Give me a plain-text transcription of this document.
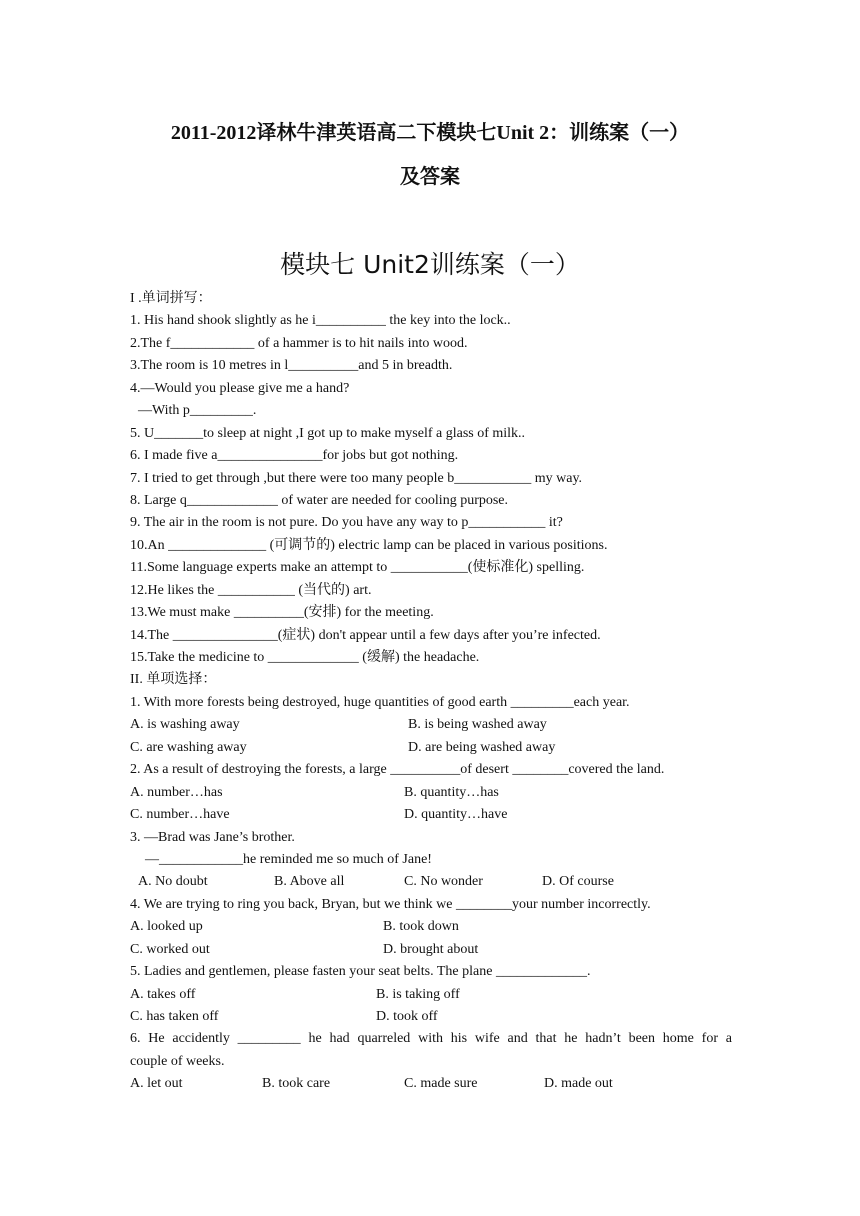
2011-2012译林牛津英语高二下模块七Unit 2：训练案（一）
及答案
模块七 Unit2训练案（一）
I .单词拼写：
1. His hand shook slightly as he i__________ the key into the lock..
2.The f____________ of a hammer is to hit nails into wood.
3.The room is 10 metres in l__________and 5 in breadth.
4.—Would you please give me a hand?
—With p_________.
5. U_______to sleep at night ,I got up to make myself a glass of milk..
6. I made five a_______________for jobs but got nothing.
7. I tried to get through ,but there were too many people b___________ my way.
8. Large q_____________ of water are needed for cooling purpose.
9. The air in the room is not pure. Do you have any way to p___________ it?
10.An ______________ (可调节的) electric lamp can be placed in various positions.
11.Some language experts make an attempt to ___________(使标准化) spelling.
12.He likes the ___________ (当代的) art.
13.We must make __________(安排) for the meeting.
14.The _______________(症状) don't appear until a few days after you’re infected.
15.Take the medicine to _____________ (缓解) the headache.
II. 单项选择：
1. With more forests being destroyed, huge quantities of good earth _________each year.
A. is washing away	B. is being washed away
C. are washing away	D. are being washed away
2. As a result of destroying the forests, a large __________of desert ________covered the land.
A. number…has	B. quantity…has
C. number…have	D. quantity…have
3. —Brad was Jane’s brother.
—____________he reminded me so much of Jane!
A. No doubt	B. Above all	C. No wonder	D. Of course
4. We are trying to ring you back, Bryan, but we think we ________your number incorrectly.
A. looked up	B. took down
C. worked out	D. brought about
5. Ladies and gentlemen, please fasten your seat belts. The plane _____________.
A. takes off	B. is taking off
C. has taken off	D. took off
6. He accidently _________ he had quarreled with his wife and that he hadn’t been home for a
couple of weeks.
A. let out	B. took care	C. made sure	D. made out
